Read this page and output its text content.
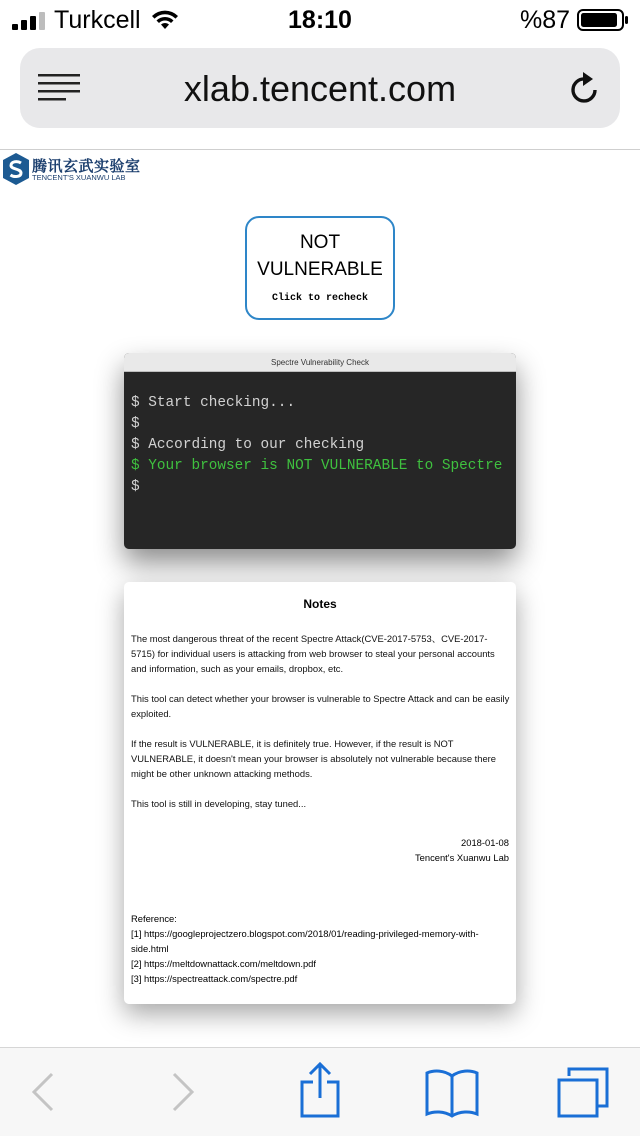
Turkcell	18:10	%87
xlab.tencent.com
腾讯玄武实验室
TENCENT'S XUANWU LAB
NOT
VULNERABLE
Click to recheck
Spectre Vulnerability Check
$ Start checking...
$
$ According to our checking
$ Your browser is NOT VULNERABLE to Spectre
$
Notes
The most dangerous threat of the recent Spectre Attack(CVE-2017-5753、CVE-2017-5715) for individual users is attacking from web browser to steal your personal accounts and information, such as your emails, dropbox, etc.
This tool can detect whether your browser is vulnerable to Spectre Attack and can be easily exploited.
If the result is VULNERABLE, it is definitely true. However, if the result is NOT VULNERABLE, it doesn't mean your browser is absolutely not vulnerable because there might be other unknown attacking methods.
This tool is still in developing, stay tuned...
2018-01-08
Tencent's Xuanwu Lab
Reference:
[1] https://googleprojectzero.blogspot.com/2018/01/reading-privileged-memory-with-side.html
[2] https://meltdownattack.com/meltdown.pdf
[3] https://spectreattack.com/spectre.pdf
